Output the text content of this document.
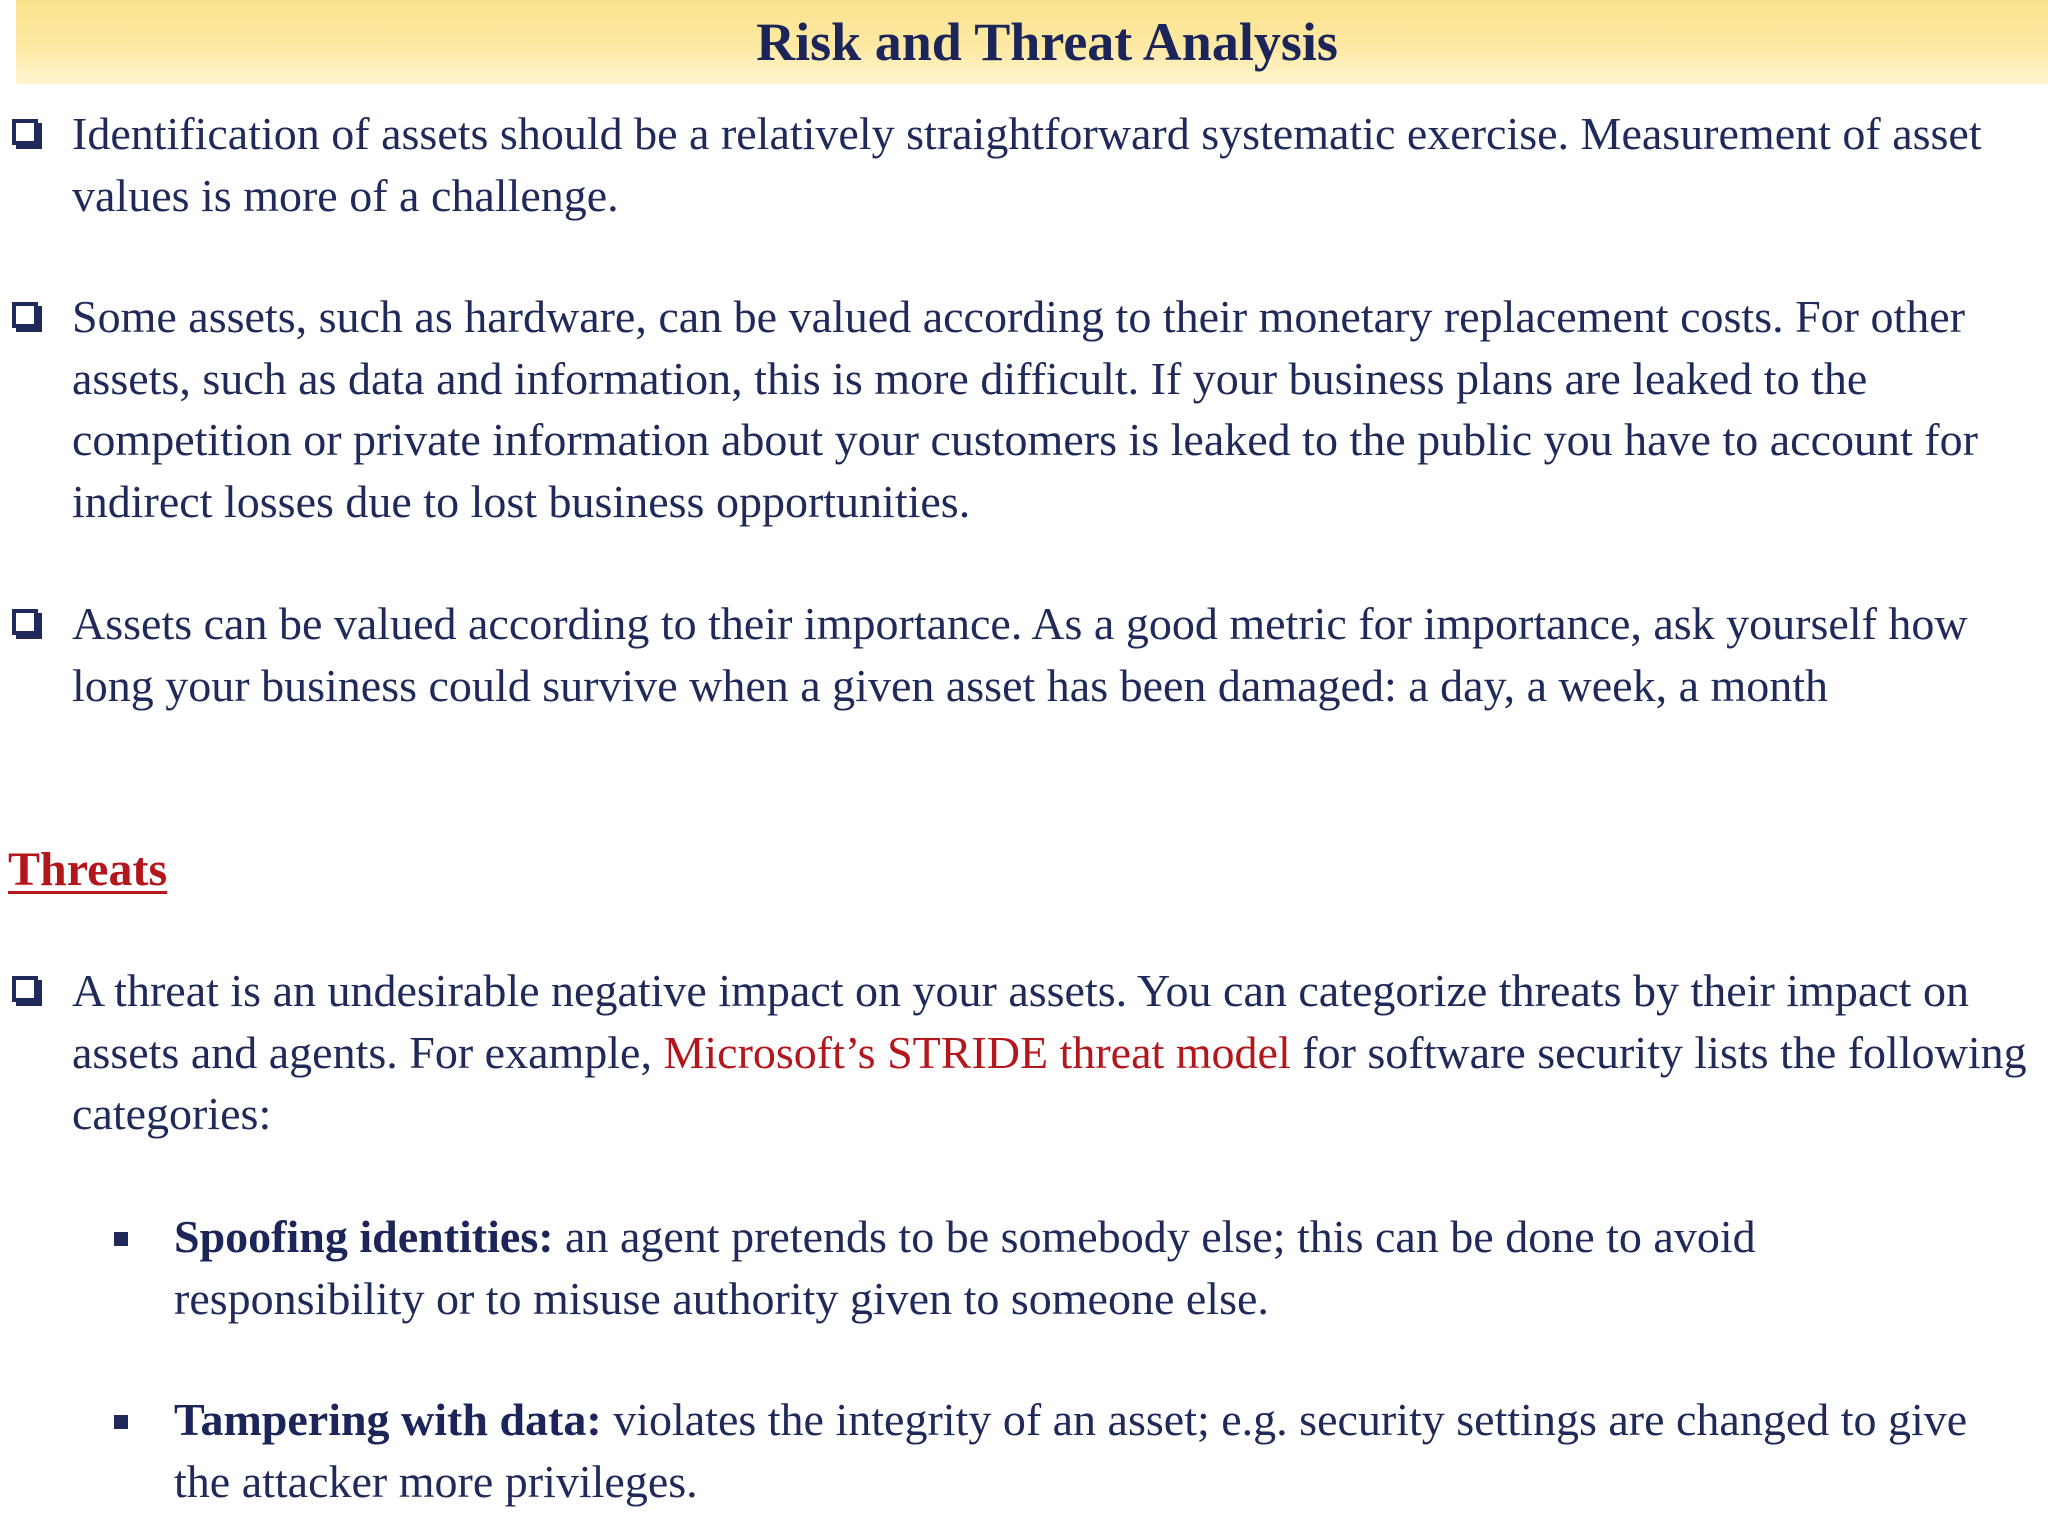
Risk and Threat Analysis
Identification of assets should be a relatively straightforward systematic exercise. Measurement of asset values is more of a challenge.
Some assets, such as hardware, can be valued according to their monetary replacement costs. For other assets, such as data and information, this is more difficult. If your business plans are leaked to the competition or private information about your customers is leaked to the public you have to account for indirect losses due to lost business opportunities.
Assets can be valued according to their importance. As a good metric for importance, ask yourself how long your business could survive when a given asset has been damaged: a day, a week, a month
Threats
A threat is an undesirable negative impact on your assets. You can categorize threats by their impact on assets and agents. For example, Microsoft’s STRIDE threat model for software security lists the following categories:
Spoofing identities: an agent pretends to be somebody else; this can be done to avoid responsibility or to misuse authority given to someone else.
Tampering with data: violates the integrity of an asset; e.g. security settings are changed to give the attacker more privileges.
